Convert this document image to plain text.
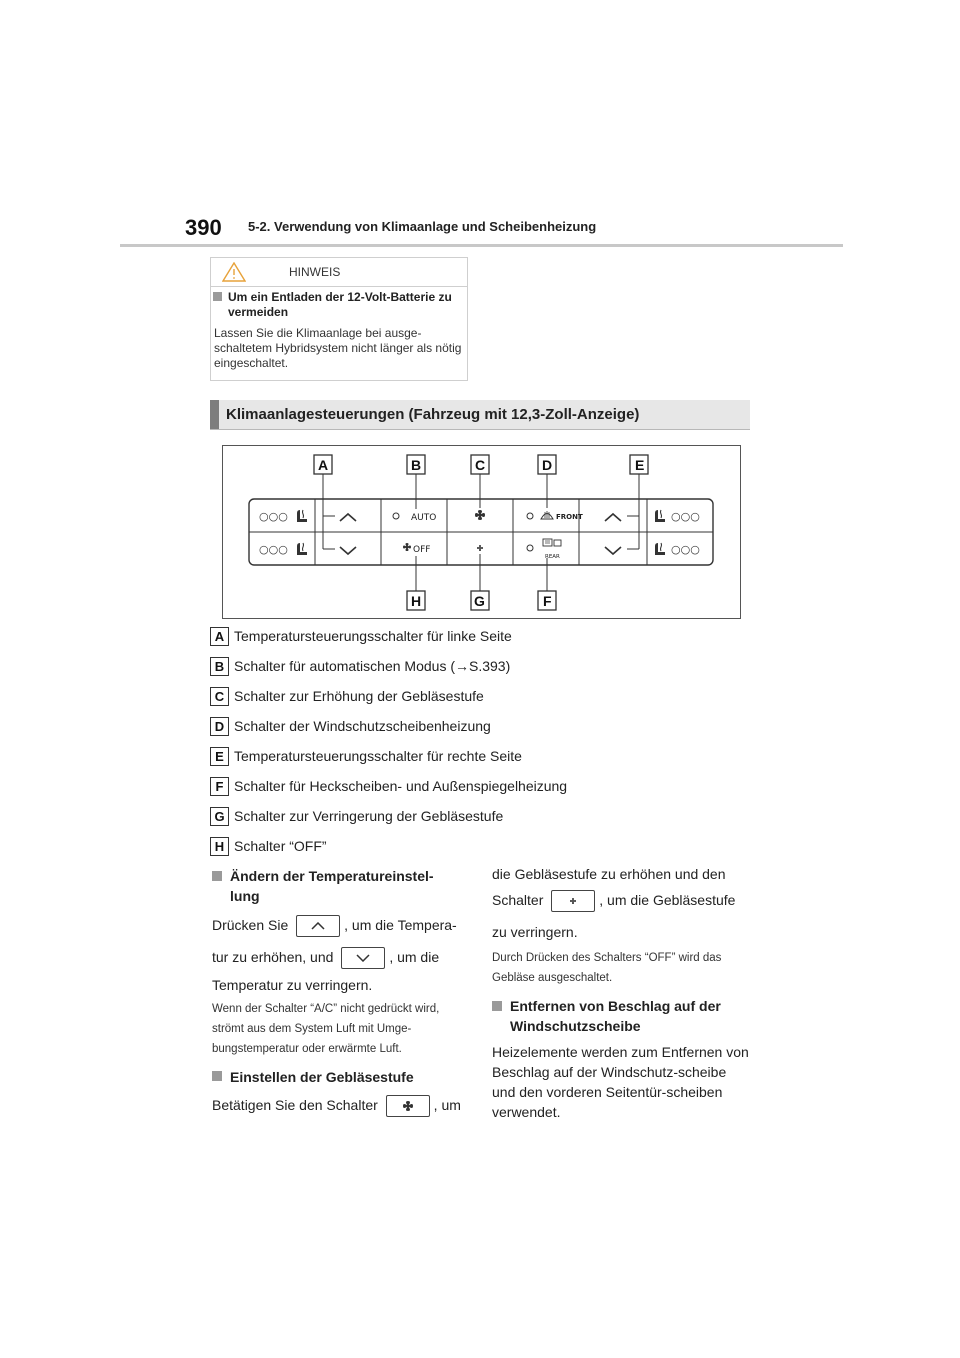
390 5-2. Verwendung von Klimaanlage und Scheibenheizung
HINWEIS
Um ein Entladen der 12-Volt-Batterie zu vermeiden
Lassen Sie die Klimaanlage bei ausge-schaltetem Hybridsystem nicht länger als nötig eingeschaltet.
Klimaanlagesteuerungen (Fahrzeug mit 12,3-Zoll-Anzeige)
○○○
○○○
AUTO
OFF
FRONT
REAR
○○○
○○○
A	B	C	D	E
H	G	F
A Temperatursteuerungsschalter für linke Seite
B Schalter für automatischen Modus (→S.393)
C Schalter zur Erhöhung der Gebläsestufe
D Schalter der Windschutzscheibenheizung
E Temperatursteuerungsschalter für rechte Seite
F Schalter für Heckscheiben- und Außenspiegelheizung
G Schalter zur Verringerung der Gebläsestufe
H Schalter “OFF”
Ändern der Temperatureinstel-lung
Drücken Sie	, um die Tempera-
tur zu erhöhen, und	, um die
Temperatur zu verringern.
Wenn der Schalter “A/C” nicht gedrückt wird, strömt aus dem System Luft mit Umge-bungstemperatur oder erwärmte Luft.
Einstellen der Gebläsestufe
Betätigen Sie den Schalter	, um
die Gebläsestufe zu erhöhen und den
Schalter	, um die Gebläsestufe
zu verringern.
Durch Drücken des Schalters “OFF” wird das Gebläse ausgeschaltet.
Entfernen von Beschlag auf der Windschutzscheibe
Heizelemente werden zum Entfernen von Beschlag auf der Windschutz-scheibe und den vorderen Seitentür-scheiben verwendet.
